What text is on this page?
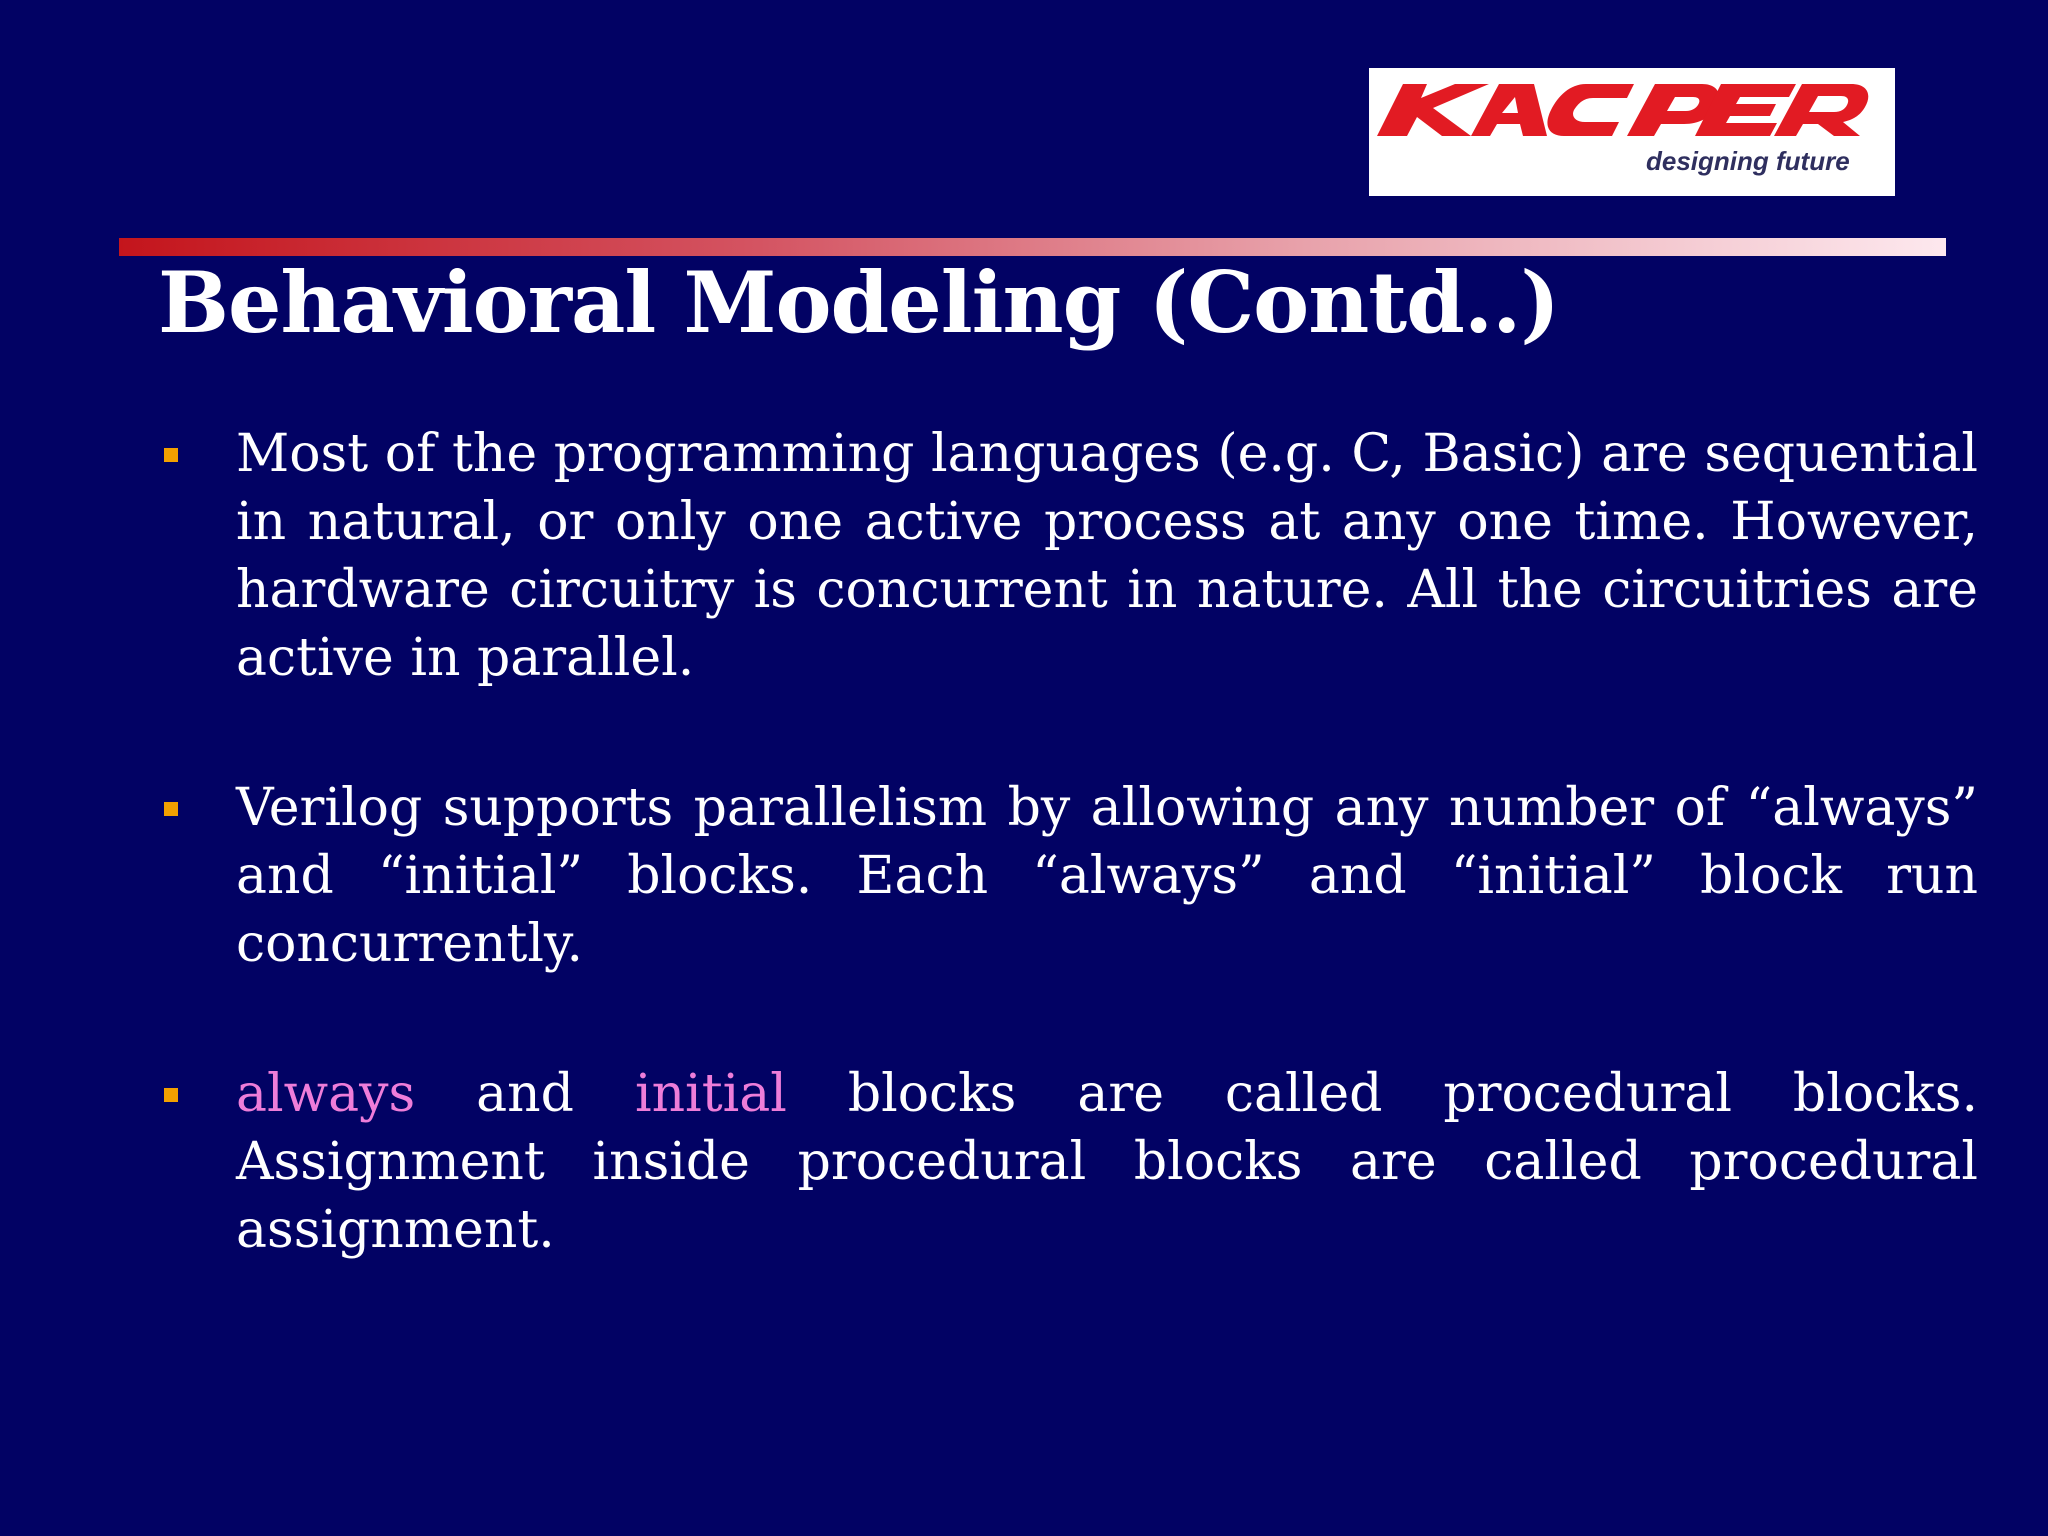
designing future
Behavioral Modeling (Contd..)
Most of the programming languages (e.g. C, Basic) are sequential in natural, or only one active process at any one time. However, hardware circuitry is concurrent in nature. All the circuitries are active in parallel.
Verilog supports parallelism by allowing any number of “always” and “initial” blocks. Each “always” and “initial” block run concurrently.
always and initial blocks are called procedural blocks. Assignment inside procedural blocks are called procedural assignment.
